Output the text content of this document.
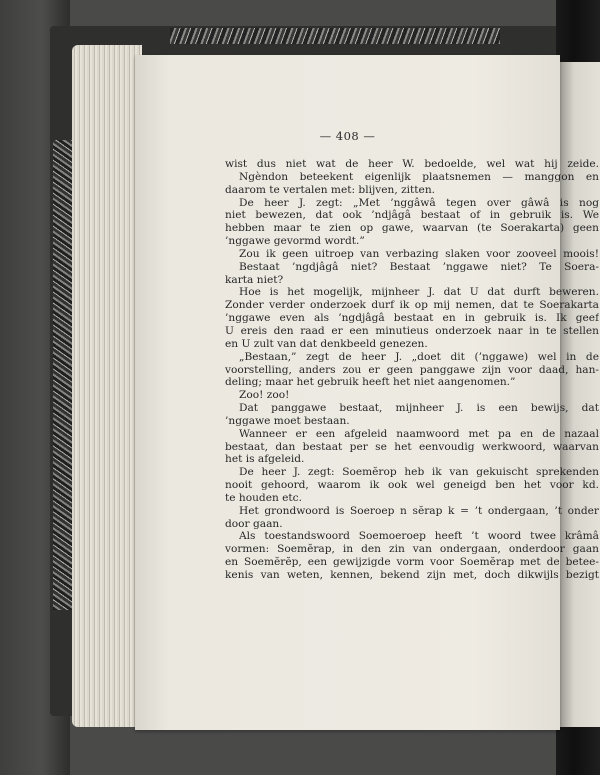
— 408 —
wist dus niet wat de heer W. bedoelde, wel wat hij zeide.
Ngèndon beteekent eigenlijk plaatsnemen — manggon en
daarom te vertalen met: blijven, zitten.
De heer J. zegt: „Met ’nggâwâ tegen over gâwâ is nog
niet bewezen, dat ook ’ndjâgâ bestaat of in gebruik is. We
hebben maar te zien op gawe, waarvan (te Soerakarta) geen
’nggawe gevormd wordt.”
Zou ik geen uitroep van verbazing slaken voor zooveel moois!
Bestaat ’ngdjâgâ niet? Bestaat ’nggawe niet? Te Soera-
karta niet?
Hoe is het mogelijk, mijnheer J. dat U dat durft beweren.
Zonder verder onderzoek durf ik op mij nemen, dat te Soerakarta
’nggawe even als ’ngdjâgâ bestaat en in gebruik is. Ik geef
U ereis den raad er een minutieus onderzoek naar in te stellen
en U zult van dat denkbeeld genezen.
„Bestaan,” zegt de heer J. „doet dit (’nggawe) wel in de
voorstelling, anders zou er geen panggawe zijn voor daad, han-
deling; maar het gebruik heeft het niet aangenomen.”
Zoo! zoo!
Dat panggawe bestaat, mijnheer J. is een bewijs, dat
’nggawe moet bestaan.
Wanneer er een afgeleid naamwoord met pa en de nazaal
bestaat, dan bestaat per se het eenvoudig werkwoord, waarvan
het is afgeleid.
De heer J. zegt: Soemĕrop heb ik van gekuischt sprekenden
nooit gehoord, waarom ik ook wel geneigd ben het voor kd.
te houden etc.
Het grondwoord is Soeroep n sĕrap k = ’t ondergaan, ’t onder
door gaan.
Als toestandswoord Soemoeroep heeft ’t woord twee krâmâ
vormen: Soemĕrap, in den zin van ondergaan, onderdoor gaan
en Soemĕrĕp, een gewijzigde vorm voor Soemĕrap met de betee-
kenis van weten, kennen, bekend zijn met, doch dikwijls bezigt
